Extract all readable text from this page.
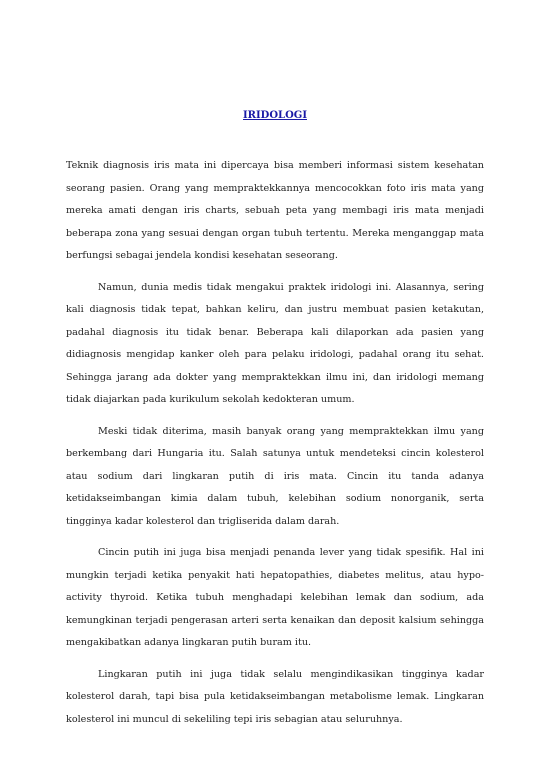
IRIDOLOGI

Teknik diagnosis iris mata ini dipercaya bisa memberi informasi sistem kesehatan seorang pasien. Orang yang mempraktekkannya mencocokkan foto iris mata yang mereka amati dengan iris charts, sebuah peta yang membagi iris mata menjadi beberapa zona yang sesuai dengan organ tubuh tertentu. Mereka menganggap mata berfungsi sebagai jendela kondisi kesehatan seseorang.

Namun, dunia medis tidak mengakui praktek iridologi ini. Alasannya, sering kali diagnosis tidak tepat, bahkan keliru, dan justru membuat pasien ketakutan, padahal diagnosis itu tidak benar. Beberapa kali dilaporkan ada pasien yang didiagnosis mengidap kanker oleh para pelaku iridologi, padahal orang itu sehat. Sehingga jarang ada dokter yang mempraktekkan ilmu ini, dan iridologi memang tidak diajarkan pada kurikulum sekolah kedokteran umum.

Meski tidak diterima, masih banyak orang yang mempraktekkan ilmu yang berkembang dari Hungaria itu. Salah satunya untuk mendeteksi cincin kolesterol atau sodium dari lingkaran putih di iris mata. Cincin itu tanda adanya ketidakseimbangan kimia dalam tubuh, kelebihan sodium nonorganik, serta tingginya kadar kolesterol dan trigliserida dalam darah.

Cincin putih ini juga bisa menjadi penanda lever yang tidak spesifik. Hal ini mungkin terjadi ketika penyakit hati hepatopathies, diabetes melitus, atau hypo-activity thyroid. Ketika tubuh menghadapi kelebihan lemak dan sodium, ada kemungkinan terjadi pengerasan arteri serta kenaikan dan deposit kalsium sehingga mengakibatkan adanya lingkaran putih buram itu.

Lingkaran putih ini juga tidak selalu mengindikasikan tingginya kadar kolesterol darah, tapi bisa pula ketidakseimbangan metabolisme lemak. Lingkaran kolesterol ini muncul di sekeliling tepi iris sebagian atau seluruhnya.
